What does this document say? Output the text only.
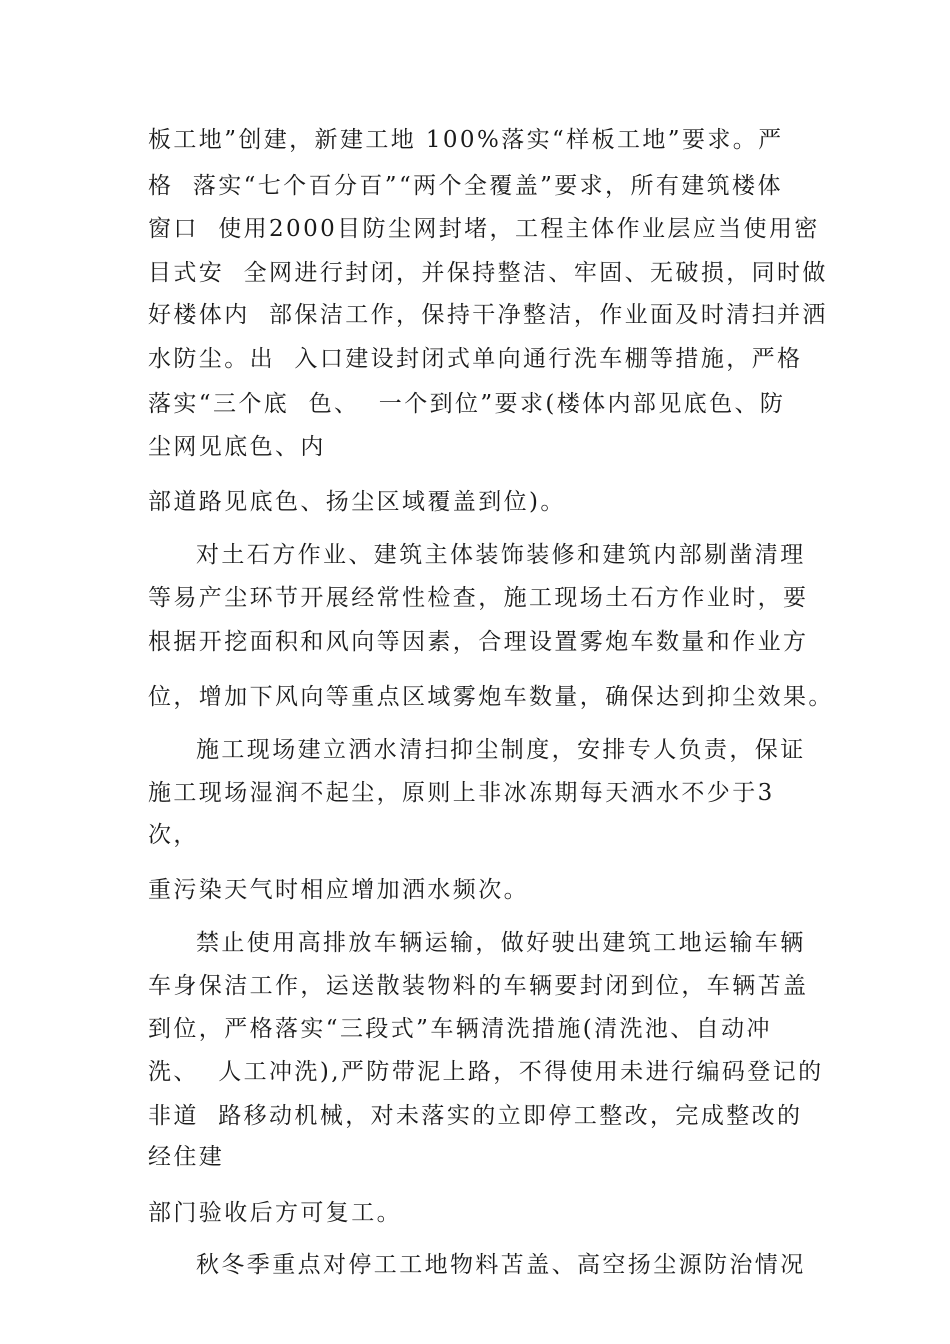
板工地”创建，新建工地 100%落实“样板工地”要求。严
格  落实“七个百分百”“两个全覆盖”要求，所有建筑楼体
窗口  使用2000目防尘网封堵，工程主体作业层应当使用密
目式安  全网进行封闭，并保持整洁、牢固、无破损，同时做
好楼体内  部保洁工作，保持干净整洁，作业面及时清扫并洒
水防尘。出  入口建设封闭式单向通行洗车棚等措施，严格
落实“三个底  色、  一个到位”要求(楼体内部见底色、防
尘网见底色、内
部道路见底色、扬尘区域覆盖到位)。
对土石方作业、建筑主体装饰装修和建筑内部剔凿清理
等易产尘环节开展经常性检查，施工现场土石方作业时，要
根据开挖面积和风向等因素，合理设置雾炮车数量和作业方
位，增加下风向等重点区域雾炮车数量，确保达到抑尘效果。
施工现场建立洒水清扫抑尘制度，安排专人负责，保证
施工现场湿润不起尘，原则上非冰冻期每天洒水不少于3
次，
重污染天气时相应增加洒水频次。
禁止使用高排放车辆运输，做好驶出建筑工地运输车辆
车身保洁工作，运送散装物料的车辆要封闭到位，车辆苫盖
到位，严格落实“三段式”车辆清洗措施(清洗池、自动冲
洗、  人工冲洗),严防带泥上路，不得使用未进行编码登记的
非道  路移动机械，对未落实的立即停工整改，完成整改的
经住建
部门验收后方可复工。
秋冬季重点对停工工地物料苫盖、高空扬尘源防治情况
